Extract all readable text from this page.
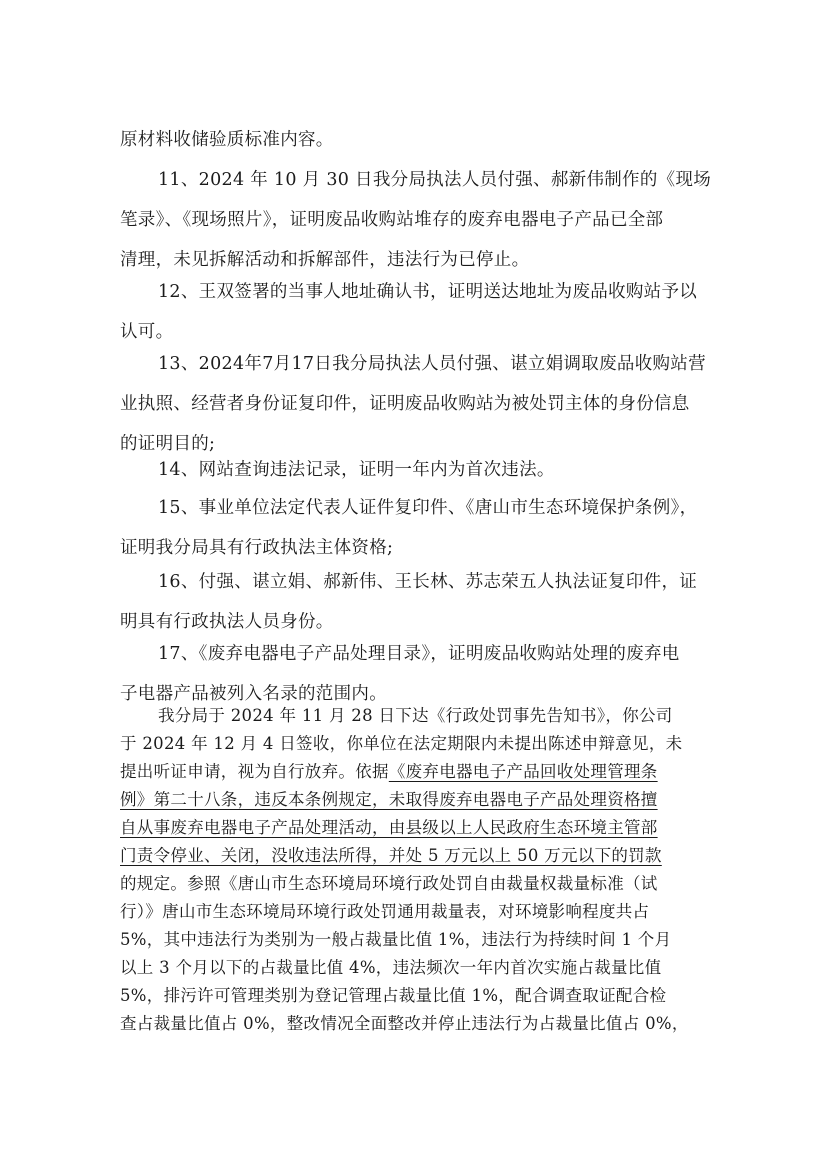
原材料收储验质标准内容。

11、2024 年 10 月 30 日我分局执法人员付强、郝新伟制作的《现场
笔录》、《现场照片》，证明废品收购站堆存的废弃电器电子产品已全部
清理，未见拆解活动和拆解部件，违法行为已停止。

12、王双签署的当事人地址确认书，证明送达地址为废品收购站予以
认可。

13、2024年7月17日我分局执法人员付强、谌立娟调取废品收购站营
业执照、经营者身份证复印件，证明废品收购站为被处罚主体的身份信息
的证明目的;

14、网站查询违法记录，证明一年内为首次违法。

15、事业单位法定代表人证件复印件、《唐山市生态环境保护条例》，
证明我分局具有行政执法主体资格;

16、付强、谌立娟、郝新伟、王长林、苏志荣五人执法证复印件，证
明具有行政执法人员身份。

17、《废弃电器电子产品处理目录》，证明废品收购站处理的废弃电
子电器产品被列入名录的范围内。

我分局于 2024 年 11 月 28 日下达《行政处罚事先告知书》，你公司
于 2024 年 12 月 4 日签收，你单位在法定期限内未提出陈述申辩意见，未
提出听证申请，视为自行放弃。依据《废弃电器电子产品回收处理管理条
例》第二十八条，违反本条例规定，未取得废弃电器电子产品处理资格擅
自从事废弃电器电子产品处理活动，由县级以上人民政府生态环境主管部
门责令停业、关闭，没收违法所得，并处 5 万元以上 50 万元以下的罚款
的规定。参照《唐山市生态环境局环境行政处罚自由裁量权裁量标准（试
行）》唐山市生态环境局环境行政处罚通用裁量表，对环境影响程度共占
5%，其中违法行为类别为一般占裁量比值 1%，违法行为持续时间 1 个月
以上 3 个月以下的占裁量比值 4%，违法频次一年内首次实施占裁量比值
5%，排污许可管理类别为登记管理占裁量比值 1%，配合调查取证配合检
查占裁量比值占 0%，整改情况全面整改并停止违法行为占裁量比值占 0%，
